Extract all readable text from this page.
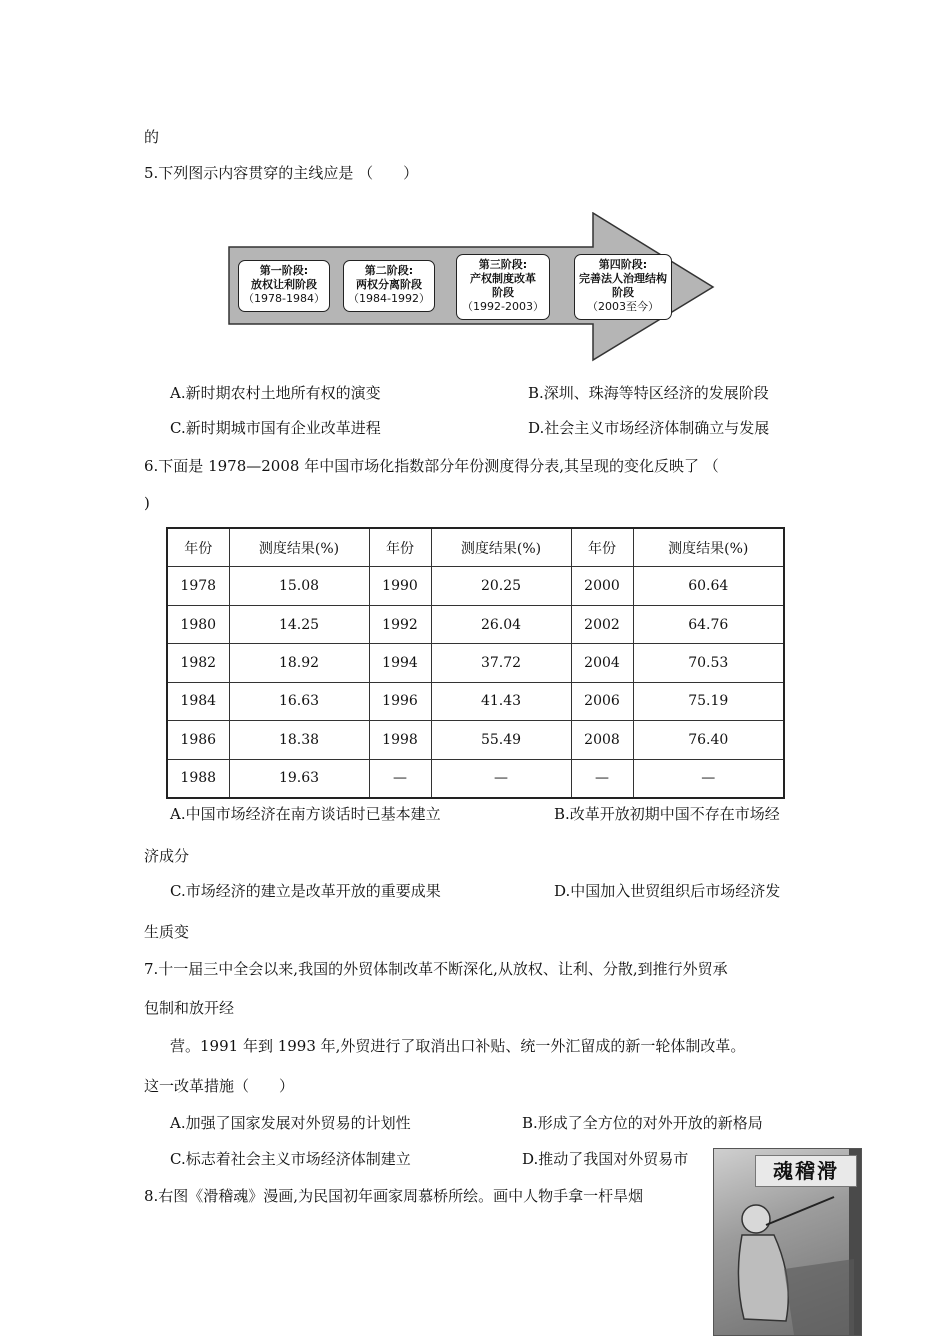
的
5.下列图示内容贯穿的主线应是 （　　）
第一阶段:
放权让利阶段
（1978-1984）
第二阶段:
两权分离阶段
（1984-1992）
第三阶段:
产权制度改革阶段
（1992-2003）
第四阶段:
完善法人治理结构阶段
（2003至今）
A.新时期农村土地所有权的演变	B.深圳、珠海等特区经济的发展阶段
C.新时期城市国有企业改革进程	D.社会主义市场经济体制确立与发展
6.下面是 1978—2008 年中国市场化指数部分年份测度得分表,其呈现的变化反映了 （
)
年份	测度结果(%)	年份	测度结果(%)	年份	测度结果(%)
1978	15.08	1990	20.25	2000	60.64
1980	14.25	1992	26.04	2002	64.76
1982	18.92	1994	37.72	2004	70.53
1984	16.63	1996	41.43	2006	75.19
1986	18.38	1998	55.49	2008	76.40
1988	19.63	—	—	—	—
A.中国市场经济在南方谈话时已基本建立	B.改革开放初期中国不存在市场经
济成分
C.市场经济的建立是改革开放的重要成果	D.中国加入世贸组织后市场经济发
生质变
7.十一届三中全会以来,我国的外贸体制改革不断深化,从放权、让利、分散,到推行外贸承
包制和放开经
营。1991 年到 1993 年,外贸进行了取消出口补贴、统一外汇留成的新一轮体制改革。
这一改革措施（　　）
A.加强了国家发展对外贸易的计划性	B.形成了全方位的对外开放的新格局
C.标志着社会主义市场经济体制建立	D.推动了我国对外贸易市
8.右图《滑稽魂》漫画,为民国初年画家周慕桥所绘。画中人物手拿一杆旱烟
魂稽滑
